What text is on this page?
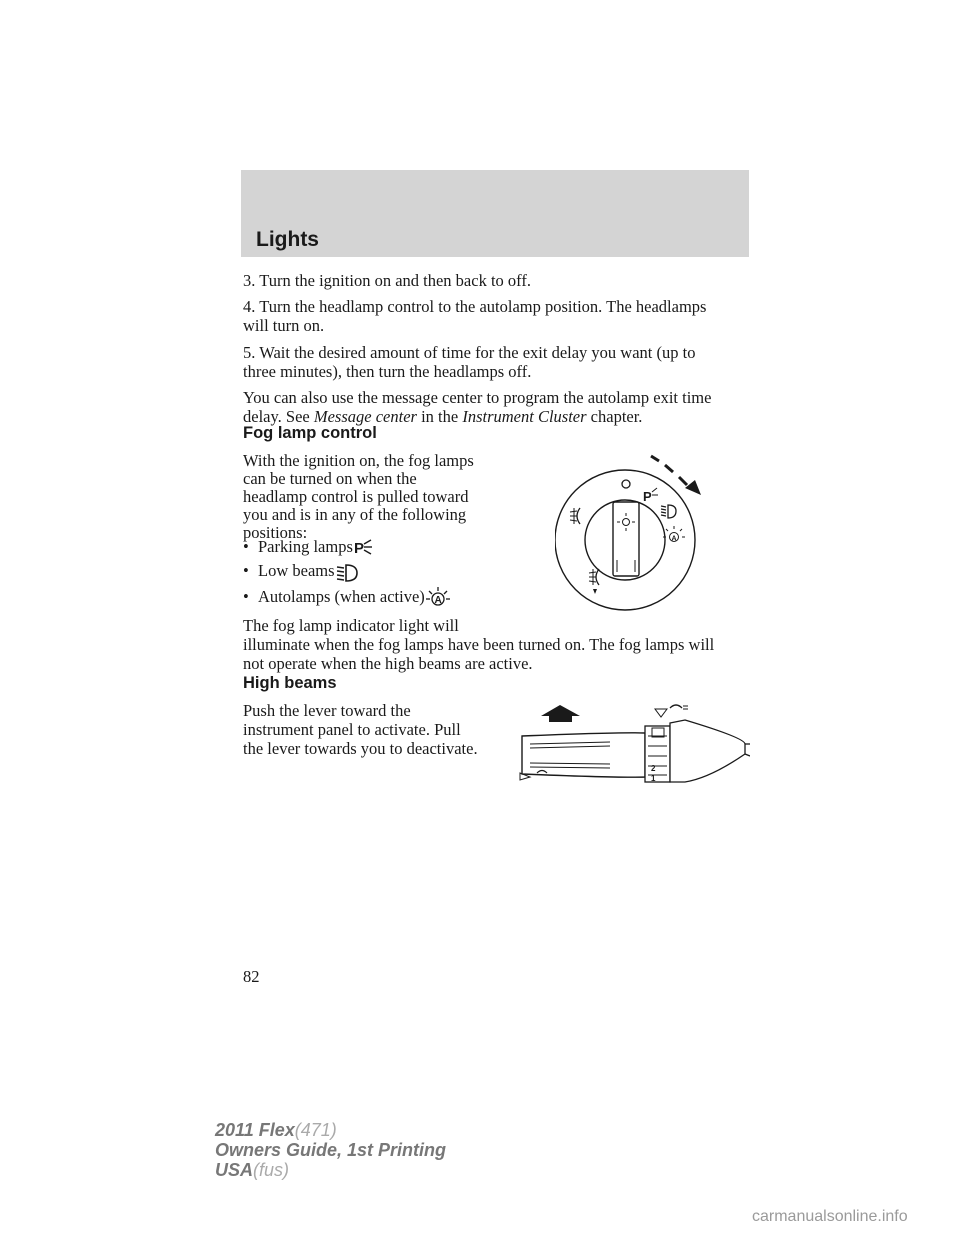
Lights

3. Turn the ignition on and then back to off.

4. Turn the headlamp control to the autolamp position. The headlamps

will turn on.

5. Wait the desired amount of time for the exit delay you want (up to

three minutes), then turn the headlamps off.

You can also use the message center to program the autolamp exit time

delay. See Message center in the Instrument Cluster chapter.

Fog lamp control

With the ignition on, the fog lamps

can be turned on when the

headlamp control is pulled toward

you and is in any of the following

positions:

• Parking lamps P
• Low beams
• Autolamps (when active) A

The fog lamp indicator light will

illuminate when the fog lamps have been turned on. The fog lamps will

not operate when the high beams are active.

P
A
High beams

Push the lever toward the

instrument panel to activate. Pull

the lever towards you to deactivate.

2
1
82
2011 Flex(471)
Owners Guide, 1st Printing
USA(fus)
carmanualsonline.info
